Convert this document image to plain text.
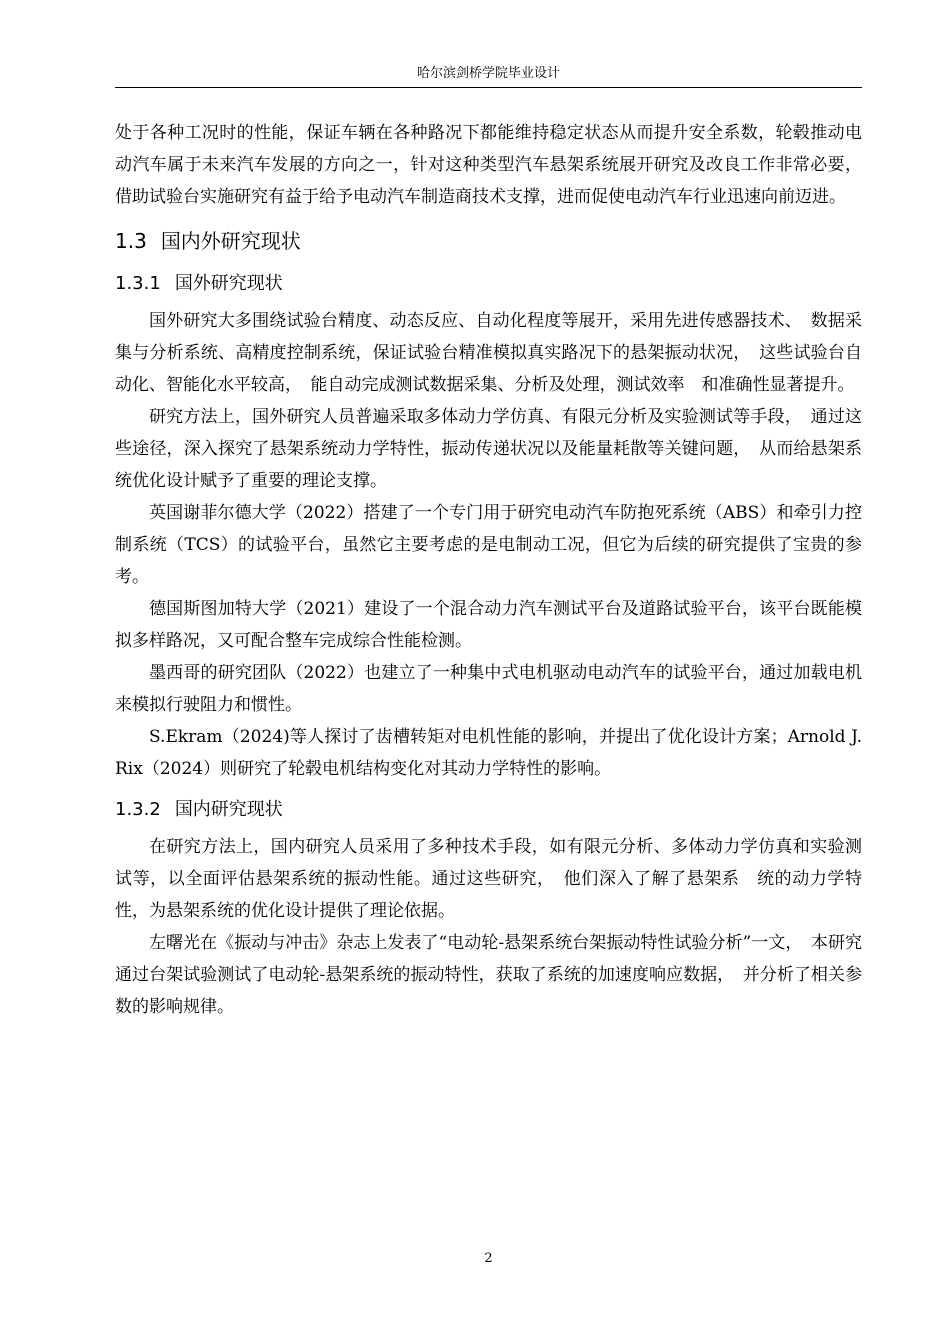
哈尔滨剑桥学院毕业设计

处于各种工况时的性能，保证车辆在各种路况下都能维持稳定状态从而提升安全系数，轮毂推动电动汽车属于未来汽车发展的方向之一，针对这种类型汽车悬架系统展开研究及改良工作非常必要，借助试验台实施研究有益于给予电动汽车制造商技术支撑，进而促使电动汽车行业迅速向前迈进。

1.3 国内外研究现状
1.3.1 国外研究现状

国外研究大多围绕试验台精度、动态反应、自动化程度等展开，采用先进传感器技术、　数据采集与分析系统、高精度控制系统，保证试验台精准模拟真实路况下的悬架振动状况，　这些试验台自动化、智能化水平较高，　能自动完成测试数据采集、分析及处理，测试效率　和准确性显著提升。

研究方法上，国外研究人员普遍采取多体动力学仿真、有限元分析及实验测试等手段，　通过这些途径，深入探究了悬架系统动力学特性，振动传递状况以及能量耗散等关键问题，　从而给悬架系统优化设计赋予了重要的理论支撑。

英国谢菲尔德大学（2022）搭建了一个专门用于研究电动汽车防抱死系统（ABS）和牵引力控制系统（TCS）的试验平台，虽然它主要考虑的是电制动工况，但它为后续的研究提供了宝贵的参考。

德国斯图加特大学（2021）建设了一个混合动力汽车测试平台及道路试验平台，该平台既能模拟多样路况，又可配合整车完成综合性能检测。

墨西哥的研究团队（2022）也建立了一种集中式电机驱动电动汽车的试验平台，通过加载电机来模拟行驶阻力和惯性。

S.Ekram（2024)等人探讨了齿槽转矩对电机性能的影响，并提出了优化设计方案；Arnold J. Rix（2024）则研究了轮毂电机结构变化对其动力学特性的影响。

1.3.2 国内研究现状

在研究方法上，国内研究人员采用了多种技术手段，如有限元分析、多体动力学仿真和实验测试等，以全面评估悬架系统的振动性能。通过这些研究，　他们深入了解了悬架系　统的动力学特性，为悬架系统的优化设计提供了理论依据。

左曙光在《振动与冲击》杂志上发表了“电动轮-悬架系统台架振动特性试验分析”一文，　本研究通过台架试验测试了电动轮-悬架系统的振动特性，获取了系统的加速度响应数据，　并分析了相关参数的影响规律。

2
